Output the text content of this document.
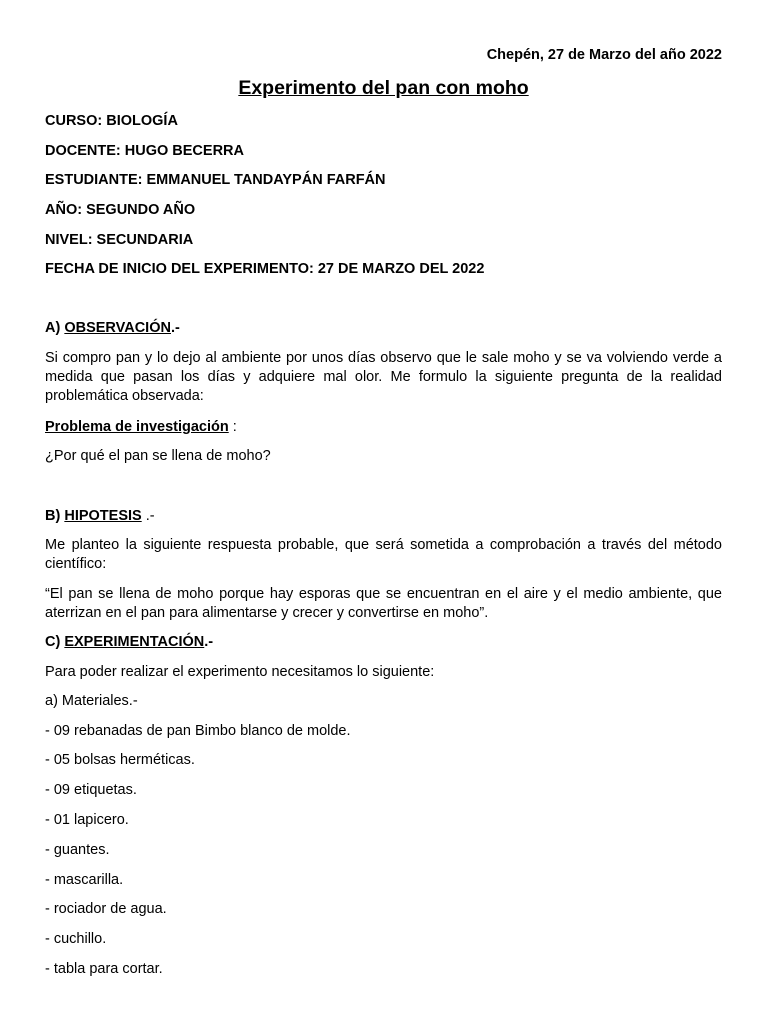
Chepén, 27 de Marzo del año 2022
Experimento del pan con moho
CURSO: BIOLOGÍA
DOCENTE: HUGO BECERRA
ESTUDIANTE: EMMANUEL TANDAYPÁN FARFÁN
AÑO: SEGUNDO AÑO
NIVEL: SECUNDARIA
FECHA DE INICIO DEL EXPERIMENTO: 27 DE MARZO DEL 2022
A) OBSERVACIÓN.-
Si compro pan y lo dejo al ambiente por unos días observo que le sale moho y se va volviendo verde a medida que pasan los días y adquiere mal olor. Me formulo la siguiente pregunta de la realidad problemática observada:
Problema de investigación :
¿Por qué el pan se llena de moho?
B) HIPOTESIS .-
Me planteo la siguiente respuesta probable, que será sometida a comprobación a través del método científico:
“El pan se llena de moho porque hay esporas que se encuentran en el aire y el medio ambiente, que aterrizan en el pan para alimentarse y crecer y convertirse en moho”.
C) EXPERIMENTACIÓN.-
Para poder realizar el experimento necesitamos lo siguiente:
a) Materiales.-
- 09 rebanadas de pan Bimbo blanco de molde.
- 05 bolsas herméticas.
- 09 etiquetas.
- 01 lapicero.
- guantes.
- mascarilla.
- rociador de agua.
- cuchillo.
- tabla para cortar.
